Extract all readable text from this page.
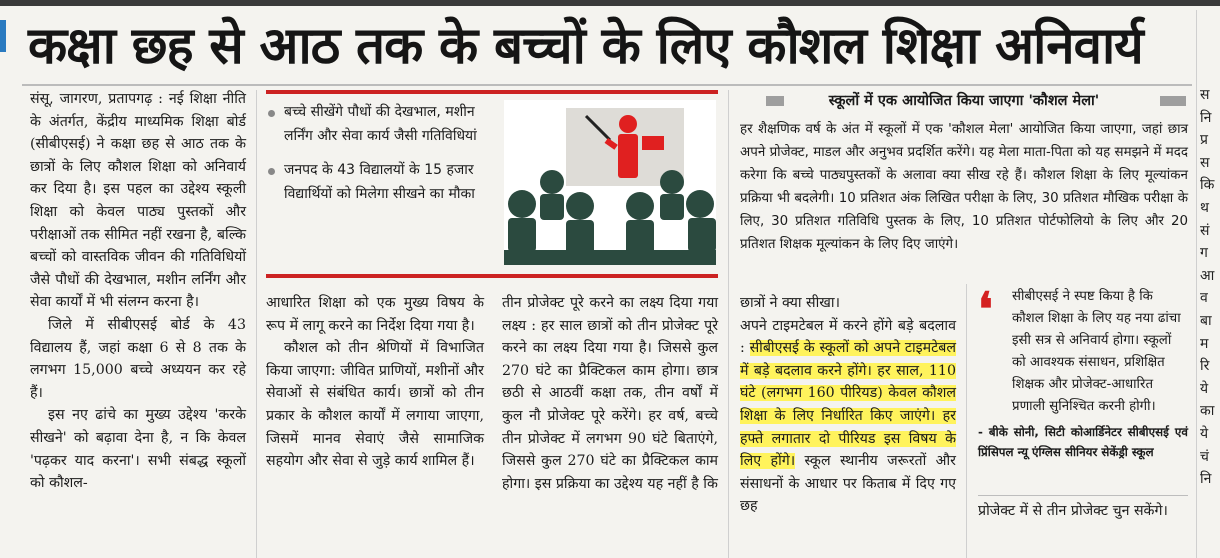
कक्षा छह से आठ तक के बच्चों के लिए कौशल शिक्षा अनिवार्य

संसू, जागरण, प्रतापगढ़ : नई शिक्षा नीति के अंतर्गत, केंद्रीय माध्यमिक शिक्षा बोर्ड (सीबीएसई) ने कक्षा छह से आठ तक के छात्रों के लिए कौशल शिक्षा को अनिवार्य कर दिया है। इस पहल का उद्देश्य स्कूली शिक्षा को केवल पाठ्य पुस्तकों और परीक्षाओं तक सीमित नहीं रखना है, बल्कि बच्चों को वास्तविक जीवन की गतिविधियों जैसे पौधों की देखभाल, मशीन लर्निंग और सेवा कार्यों में भी संलग्न करना है।

जिले में सीबीएसई बोर्ड के 43 विद्यालय हैं, जहां कक्षा 6 से 8 तक के लगभग 15,000 बच्चे अध्ययन कर रहे हैं।

इस नए ढांचे का मुख्य उद्देश्य 'करके सीखने' को बढ़ावा देना है, न कि केवल 'पढ़कर याद करना'। सभी संबद्ध स्कूलों को कौशल-

बच्चे सीखेंगे पौधों की देखभाल, मशीन लर्निंग और सेवा कार्य जैसी गतिविधियां
जनपद के 43 विद्यालयों के 15 हजार विद्यार्थियों को मिलेगा सीखने का मौका

आधारित शिक्षा को एक मुख्य विषय के रूप में लागू करने का निर्देश दिया गया है।

कौशल को तीन श्रेणियों में विभाजित किया जाएगा: जीवित प्राणियों, मशीनों और सेवाओं से संबंधित कार्य। छात्रों को तीन प्रकार के कौशल कार्यों में लगाया जाएगा, जिसमें मानव सेवाएं जैसे सामाजिक सहयोग और सेवा से जुड़े कार्य शामिल हैं।

तीन प्रोजेक्ट पूरे करने का लक्ष्य दिया गया लक्ष्य : हर साल छात्रों को तीन प्रोजेक्ट पूरे करने का लक्ष्य दिया गया है। जिससे कुल 270 घंटे का प्रैक्टिकल काम होगा। छात्र छठी से आठवीं कक्षा तक, तीन वर्षों में कुल नौ प्रोजेक्ट पूरे करेंगे। हर वर्ष, बच्चे तीन प्रोजेक्ट में लगभग 90 घंटे बिताएंगे, जिससे कुल 270 घंटे का प्रैक्टिकल काम होगा। इस प्रक्रिया का उद्देश्य यह नहीं है कि

छात्रों ने क्या सीखा।

अपने टाइमटेबल में करने होंगे बड़े बदलाव : सीबीएसई के स्कूलों को अपने टाइमटेबल में बड़े बदलाव करने होंगे। हर साल, 110 घंटे (लगभग 160 पीरियड) केवल कौशल शिक्षा के लिए निर्धारित किए जाएंगे। हर हफ्ते लगातार दो पीरियड इस विषय के लिए होंगे। स्कूल स्थानीय जरूरतों और संसाधनों के आधार पर किताब में दिए गए छह

स्कूलों में एक आयोजित किया जाएगा 'कौशल मेला'
हर शैक्षणिक वर्ष के अंत में स्कूलों में एक 'कौशल मेला' आयोजित किया जाएगा, जहां छात्र अपने प्रोजेक्ट, माडल और अनुभव प्रदर्शित करेंगे। यह मेला माता-पिता को यह समझने में मदद करेगा कि बच्चे पाठ्यपुस्तकों के अलावा क्या सीख रहे हैं। कौशल शिक्षा के लिए मूल्यांकन प्रक्रिया भी बदलेगी। 10 प्रतिशत अंक लिखित परीक्षा के लिए, 30 प्रतिशत मौखिक परीक्षा के लिए, 30 प्रतिशत गतिविधि पुस्तक के लिए, 10 प्रतिशत पोर्टफोलियो के लिए और 20 प्रतिशत शिक्षक मूल्यांकन के लिए दिए जाएंगे।
❛ सीबीएसई ने स्पष्ट किया है कि कौशल शिक्षा के लिए यह नया ढांचा इसी सत्र से अनिवार्य होगा। स्कूलों को आवश्यक संसाधन, प्रशिक्षित शिक्षक और प्रोजेक्ट-आधारित प्रणाली सुनिश्चित करनी होगी।
- बीके सोनी, सिटी कोआर्डिनेटर सीबीएसई एवं प्रिंसिपल न्यू एंग्लिस सीनियर सेकेंड्री स्कूल
प्रोजेक्ट में से तीन प्रोजेक्ट चुन सकेंगे।
स नि प्र स कि थ सं ग आ व बा म रि ये का ये चं नि
